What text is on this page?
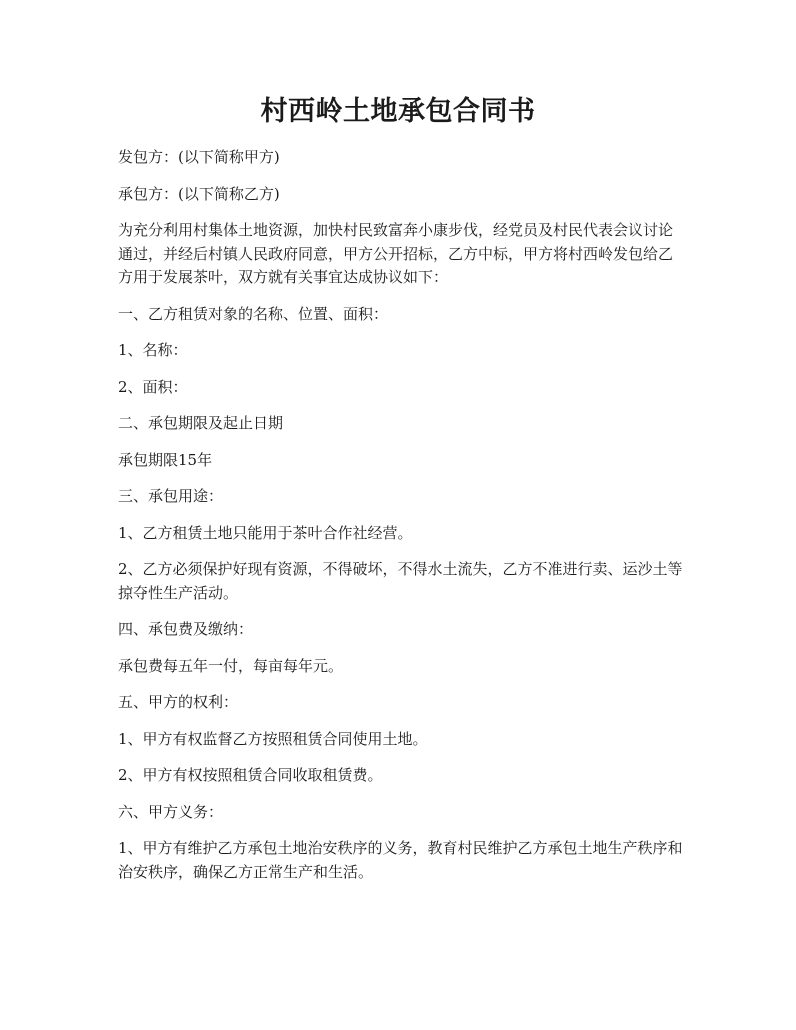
村西岭土地承包合同书

发包方：(以下简称甲方)

承包方：(以下简称乙方)

为充分利用村集体土地资源，加快村民致富奔小康步伐，经党员及村民代表会议讨论通过，并经后村镇人民政府同意，甲方公开招标，乙方中标，甲方将村西岭发包给乙方用于发展茶叶，双方就有关事宜达成协议如下：

一、乙方租赁对象的名称、位置、面积：

1、名称：

2、面积：

二、承包期限及起止日期

承包期限15年

三、承包用途：

1、乙方租赁土地只能用于茶叶合作社经营。

2、乙方必须保护好现有资源，不得破坏，不得水土流失，乙方不准进行卖、运沙土等掠夺性生产活动。

四、承包费及缴纳：

承包费每五年一付，每亩每年元。

五、甲方的权利：

1、甲方有权监督乙方按照租赁合同使用土地。

2、甲方有权按照租赁合同收取租赁费。

六、甲方义务：

1、甲方有维护乙方承包土地治安秩序的义务，教育村民维护乙方承包土地生产秩序和治安秩序，确保乙方正常生产和生活。
